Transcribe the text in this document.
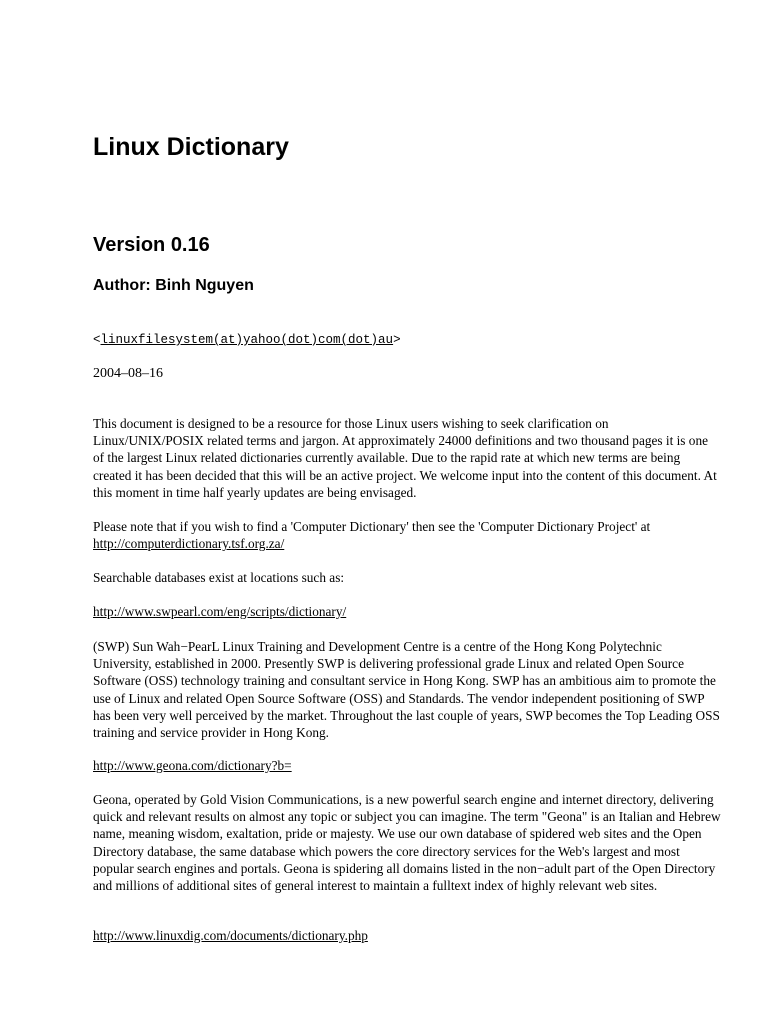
Linux Dictionary
Version 0.16
Author: Binh Nguyen
<linuxfilesystem(at)yahoo(dot)com(dot)au>
2004–08–16

This document is designed to be a resource for those Linux users wishing to seek clarification on Linux/UNIX/POSIX related terms and jargon. At approximately 24000 definitions and two thousand pages it is one of the largest Linux related dictionaries currently available. Due to the rapid rate at which new terms are being created it has been decided that this will be an active project. We welcome input into the content of this document. At this moment in time half yearly updates are being envisaged.

Please note that if you wish to find a 'Computer Dictionary' then see the 'Computer Dictionary Project' at
http://computerdictionary.tsf.org.za/

Searchable databases exist at locations such as:

http://www.swpearl.com/eng/scripts/dictionary/

(SWP) Sun Wah−PearL Linux Training and Development Centre is a centre of the Hong Kong Polytechnic University, established in 2000. Presently SWP is delivering professional grade Linux and related Open Source Software (OSS) technology training and consultant service in Hong Kong. SWP has an ambitious aim to promote the use of Linux and related Open Source Software (OSS) and Standards. The vendor independent positioning of SWP has been very well perceived by the market. Throughout the last couple of years, SWP becomes the Top Leading OSS training and service provider in Hong Kong.

http://www.geona.com/dictionary?b=

Geona, operated by Gold Vision Communications, is a new powerful search engine and internet directory, delivering quick and relevant results on almost any topic or subject you can imagine. The term "Geona" is an Italian and Hebrew name, meaning wisdom, exaltation, pride or majesty. We use our own database of spidered web sites and the Open Directory database, the same database which powers the core directory services for the Web's largest and most popular search engines and portals. Geona is spidering all domains listed in the non−adult part of the Open Directory and millions of additional sites of general interest to maintain a fulltext index of highly relevant web sites.

http://www.linuxdig.com/documents/dictionary.php
